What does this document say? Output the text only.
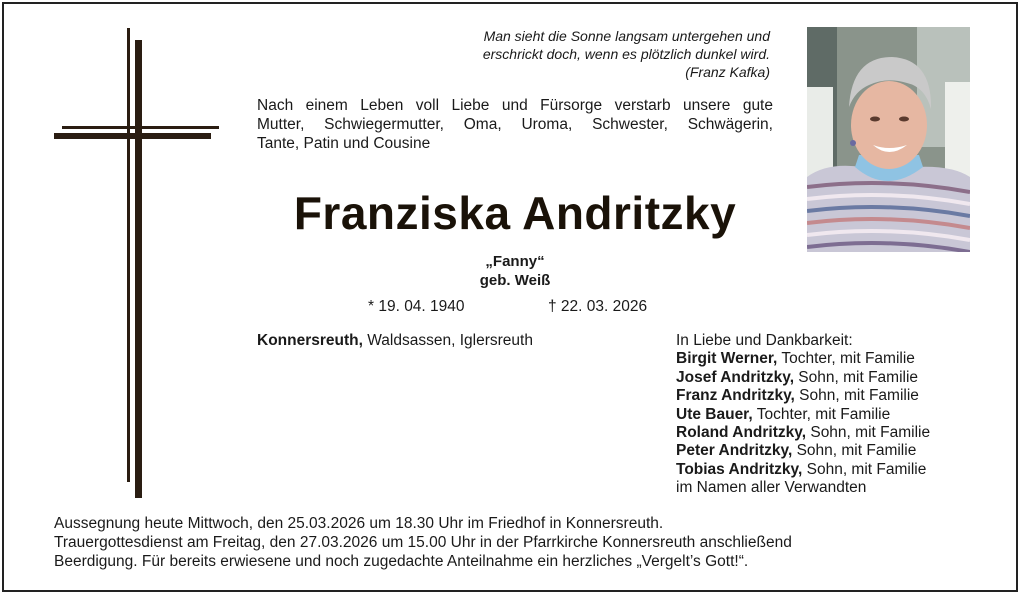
Man sieht die Sonne langsam untergehen und
erschrickt doch, wenn es plötzlich dunkel wird.
(Franz Kafka)
Nach einem Leben voll Liebe und Fürsorge verstarb unsere gute
Mutter, Schwiegermutter, Oma, Uroma, Schwester, Schwägerin,
Tante, Patin und Cousine
Franziska Andritzky
„Fanny“
geb. Weiß
* 19. 04. 1940	† 22. 03. 2026
Konnersreuth, Waldsassen, Iglersreuth	In Liebe und Dankbarkeit:
Birgit Werner, Tochter, mit Familie
Josef Andritzky, Sohn, mit Familie
Franz Andritzky, Sohn, mit Familie
Ute Bauer, Tochter, mit Familie
Roland Andritzky, Sohn, mit Familie
Peter Andritzky, Sohn, mit Familie
Tobias Andritzky, Sohn, mit Familie
im Namen aller Verwandten
Aussegnung heute Mittwoch, den 25.03.2026 um 18.30 Uhr im Friedhof in Konnersreuth.
Trauergottesdienst am Freitag, den 27.03.2026 um 15.00 Uhr in der Pfarrkirche Konnersreuth anschließend
Beerdigung. Für bereits erwiesene und noch zugedachte Anteilnahme ein herzliches „Vergelt’s Gott!“.
